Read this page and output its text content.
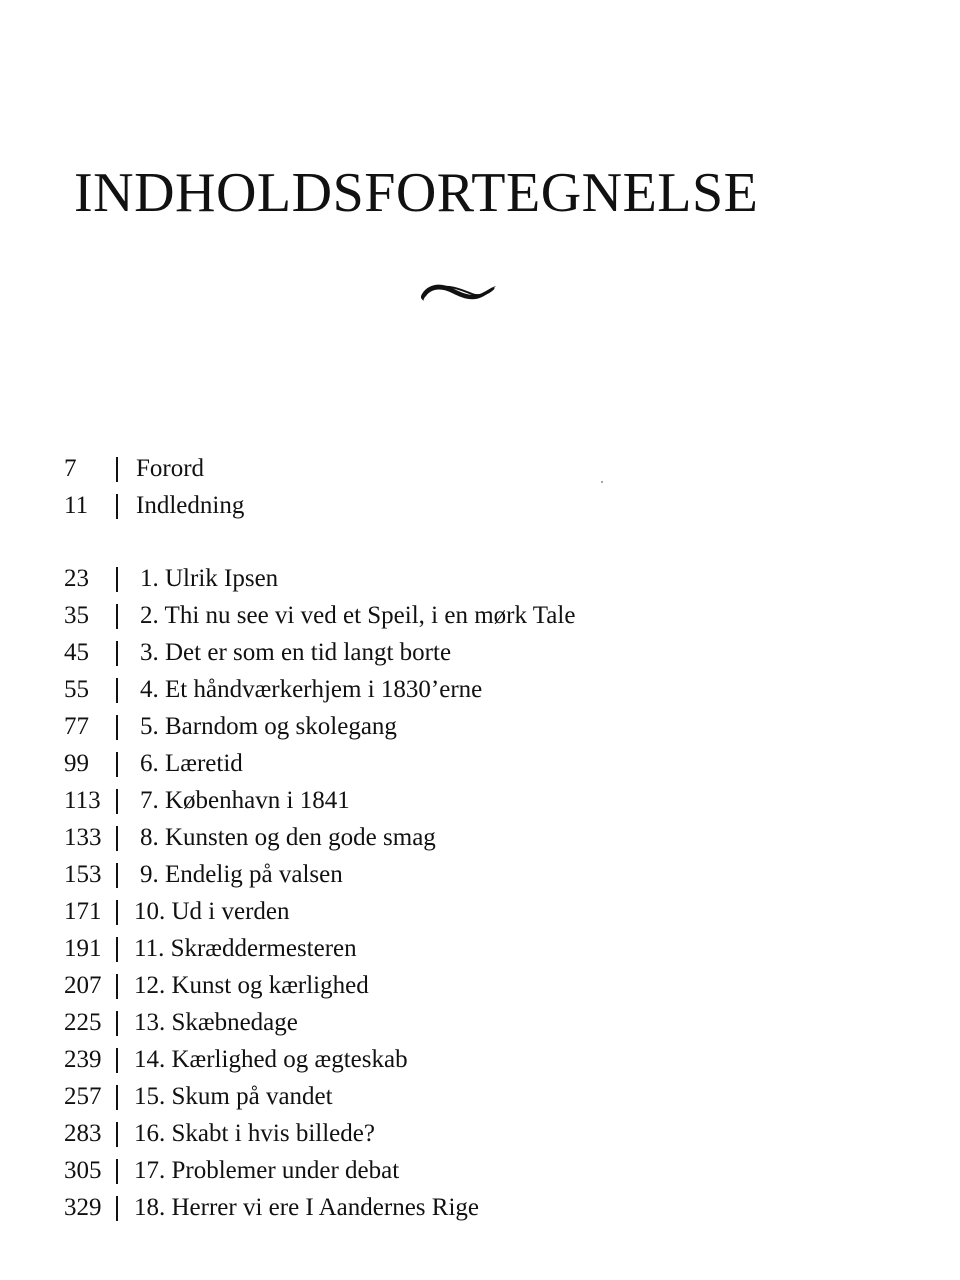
INDHOLDSFORTEGNELSE
7 Forord
11 Indledning
23 1. Ulrik Ipsen
35 2. Thi nu see vi ved et Speil, i en mørk Tale
45 3. Det er som en tid langt borte
55 4. Et håndværkerhjem i 1830’erne
77 5. Barndom og skolegang
99 6. Læretid
113 7. København i 1841
133 8. Kunsten og den gode smag
153 9. Endelig på valsen
171 10. Ud i verden
191 11. Skræddermesteren
207 12. Kunst og kærlighed
225 13. Skæbnedage
239 14. Kærlighed og ægteskab
257 15. Skum på vandet
283 16. Skabt i hvis billede?
305 17. Problemer under debat
329 18. Herrer vi ere I Aandernes Rige
